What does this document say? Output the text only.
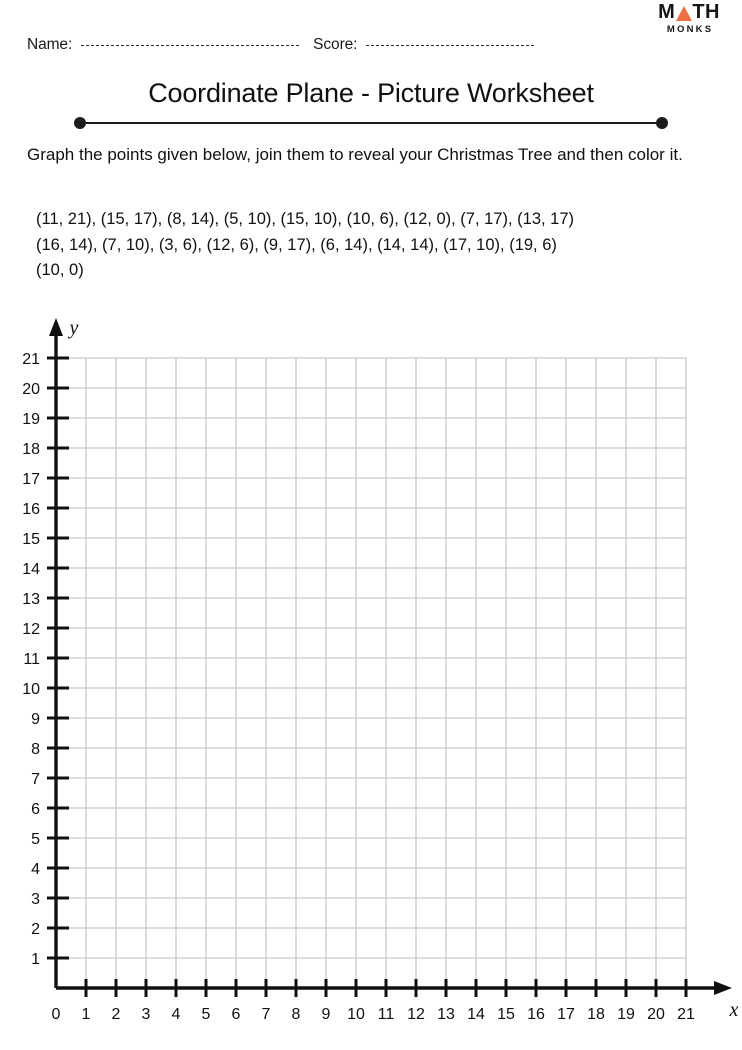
Name:	Score:
M TH
MONKS
Coordinate Plane - Picture Worksheet
Graph the points given below, join them to reveal your Christmas Tree and then color it.
(11, 21), (15, 17), (8, 14), (5, 10), (15, 10), (10, 6), (12, 0), (7, 17), (13, 17)
(16, 14), (7, 10), (3, 6), (12, 6), (9, 17), (6, 14), (14, 14), (17, 10), (19, 6)
(10, 0)
0 1 2 3 4 5 6 7 8 9 10 11 12 13 14 15 16 17 18 19 20 21
1
2
3
4
5
6
7
8
9
10
11
12
13
14
15
16
17
18
19
20
21
x
y
